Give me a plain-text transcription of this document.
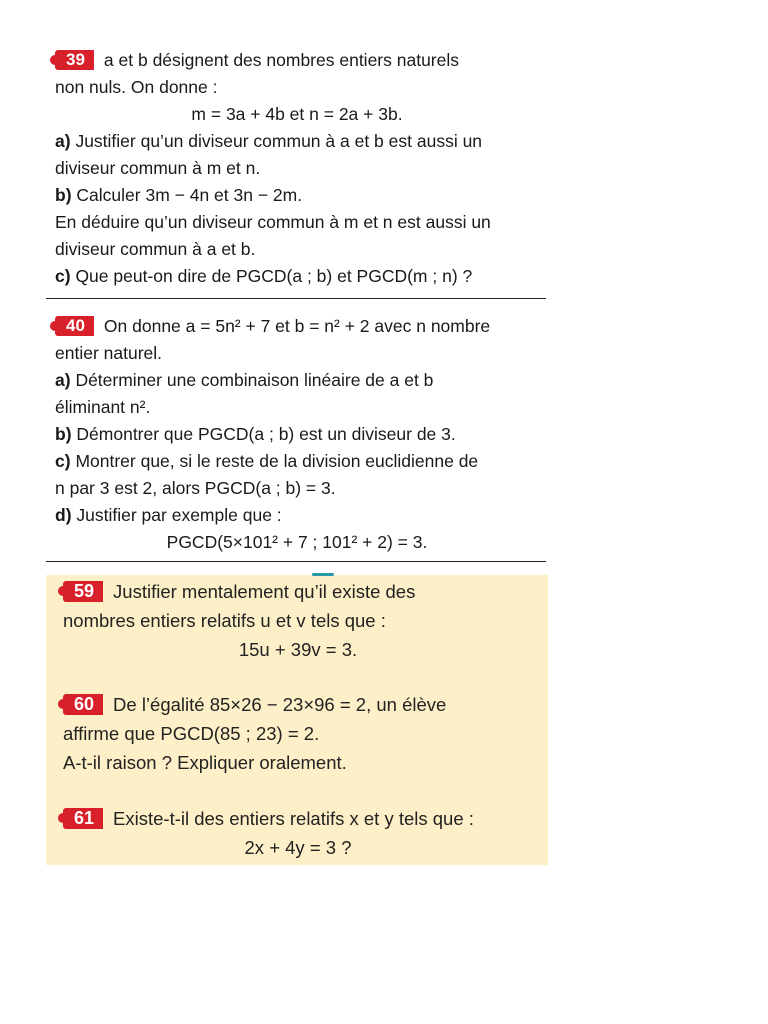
39 a et b désignent des nombres entiers naturels
non nuls. On donne :
m = 3a + 4b et n = 2a + 3b.
a) Justifier qu’un diviseur commun à a et b est aussi un
diviseur commun à m et n.
b) Calculer 3m − 4n et 3n − 2m.
En déduire qu’un diviseur commun à m et n est aussi un
diviseur commun à a et b.
c) Que peut-on dire de PGCD(a ; b) et PGCD(m ; n) ?
40 On donne a = 5n² + 7 et b = n² + 2 avec n nombre
entier naturel.
a) Déterminer une combinaison linéaire de a et b
éliminant n².
b) Démontrer que PGCD(a ; b) est un diviseur de 3.
c) Montrer que, si le reste de la division euclidienne de
n par 3 est 2, alors PGCD(a ; b) = 3.
d) Justifier par exemple que :
PGCD(5×101² + 7 ; 101² + 2) = 3.
59 Justifier mentalement qu’il existe des
nombres entiers relatifs u et v tels que :
15u + 39v = 3.
60 De l’égalité 85×26 − 23×96 = 2, un élève
affirme que PGCD(85 ; 23) = 2.
A-t-il raison ? Expliquer oralement.
61 Existe-t-il des entiers relatifs x et y tels que :
2x + 4y = 3 ?
